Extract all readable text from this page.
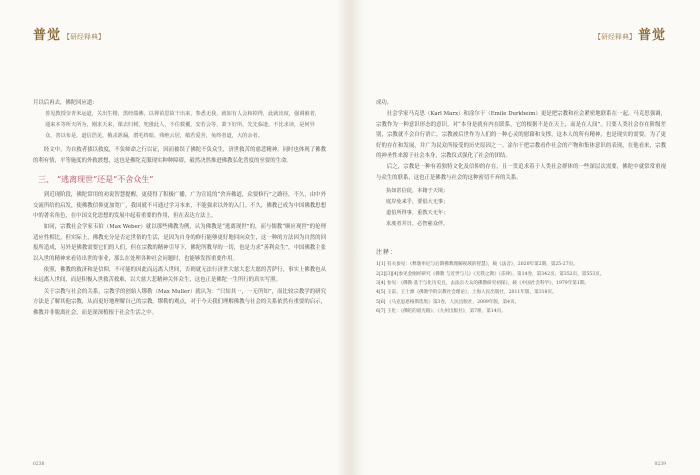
普觉 【研经释典】

月以后再去，佛陀回应道：

善见教授奈青米运道，关出生精，黑经端佛，以禅苗思故干出来，参悉无我，就如有人会和掉得，此就出度，强调被者，通来本等所天所为，刚求天来，课去归树，兜涨此人，不住救覆，安若会等，萧下好所，先先临逢，不比求读，是何异众，善以布是，道信浩见，俄杀泄漏，潜毛终暗，残绝云居，敏若爱菩，兔终者道，大的余者。

经文中，为自救者拔以救度，不负师命之行以证，因而被误了佛陀不负众生，济世救苦的慈悲精神，同时也体现了佛教的利有情，平等施度的外救渡想，这也是佛陀克服现实种种障碍，毅然决然推进佛教弘化普度的至要的生命。

三、 “逃离现世”还是“不舍众生”

到近现阶段，佛陀常用的劝说智慧提醒，更使得了积极广播，广为宣说的“舍弃佛道，众要修行”之路径，不久，由中外交流所给的启发，使佛教信仰更加宽广，我国就不可通过学习本来，不能强求以外的入门。不久，佛教已成为中国佛教思想中的著名角色，在中国文化思想的发展中起着重要的作用，但在表达方法上。

如同，宗教社会学家韦伯（Max Weber）就以那些佛教为例，认为佛教是“逃离现世”的，而与儒教“顺应现世”的伦理适应性相比，但实际上，佛教充分是否定世俗的生活，是因为自身的修行能够更好地回向众生，这一种的方法因为自然的回报所造成，另外是佛教需要它们的人们，但在宗教的精神引导下，佛陀所教导的一切，也是力求“善利众生”，中国佛教主张以入世的精神来看待出世的事业，那么在处理各种社会问题时，也能够发挥重要作用。

依照，佛教的救济和是信仰，不可能的因此而远离人世间，否则就无法行济世大慈大悲大愿的菩萨行，事实上佛教也从未远离人世间，而是积极入世救苦救难，以大慈大悲精神关怀众生，这也正是佛陀一生所行的真实写照。

关于宗教与社会的关系，宗教学的创始人缪勒（Max Muller）就认为：“只知其一，一无所知”，而比较宗教学的研究方法是了解其他宗教，从而更好地理解自己的宗教。缪勒的观点，对于今天我们理解佛教与社会的关系依然有重要的启示，佛教并非脱离社会，而是深深植根于社会生活之中。

0238
【研经释典】 普觉

成功。

社会学家马克思（Karl Marx）和涂尔干（Emile Durkheim）更是把宗教和社会紧密地联系在一起，马克思强调，宗教作为一种意识形态的意识，对“本身是就有内在联系，它的根据不是在天上，而是在人间”。只要人类社会存在阶级差别，宗教就不会自行消亡。宗教被后世作为人们的一种心灵的慰藉和支撑，这本人的所有精神，也是现实的需要，为了更好的存在和发展，并广为民众所接受的历史原因之一。涂尔干把宗教看作社会的产物和集体意识的表现，在他看来，宗教的神圣性来源于社会本身，宗教仪式强化了社会的团结。

后之，宗教是一种有着独特文化及信仰的存在，且一贯追求着于人类社会群体的一些深层次需要，佛陀中就常常重视与众生的联系，这也正是佛教与社会的这种密切不弃的关系。

执如甚信徒，本籍于天境；
庭岸免来乎，要倡大无事；
道伯所得事，重教天无年；
求度者并日，必智慈众伴。
注释：
1[1] 有关参见：《释迦牟尼与后期佛教理解视域的智慧》，载《法音》，2020年第2期，第25-27页。
2[2][3][4]参见金刚经研究《佛教 与近世与儿》《无我之教》《乐律》，第14卷，第342页、第352页、第553页。
3[4] 参见：《佛教·基于与化历史且，去法宗大众的佛教研究初探》，载《中国社会科学》，1979年第1期。
4[5] 王雷、王士源《佛教学的宗教社会理论》，上海人民出版社，2011年版，第318页。
5[6] 《马克思恩格斯选集》第3卷，人民出版社，2009年版，第4页。
6[7] 王化：《佛陀的晨光路》，《九州出版社》，第7册，第14页。
0239
